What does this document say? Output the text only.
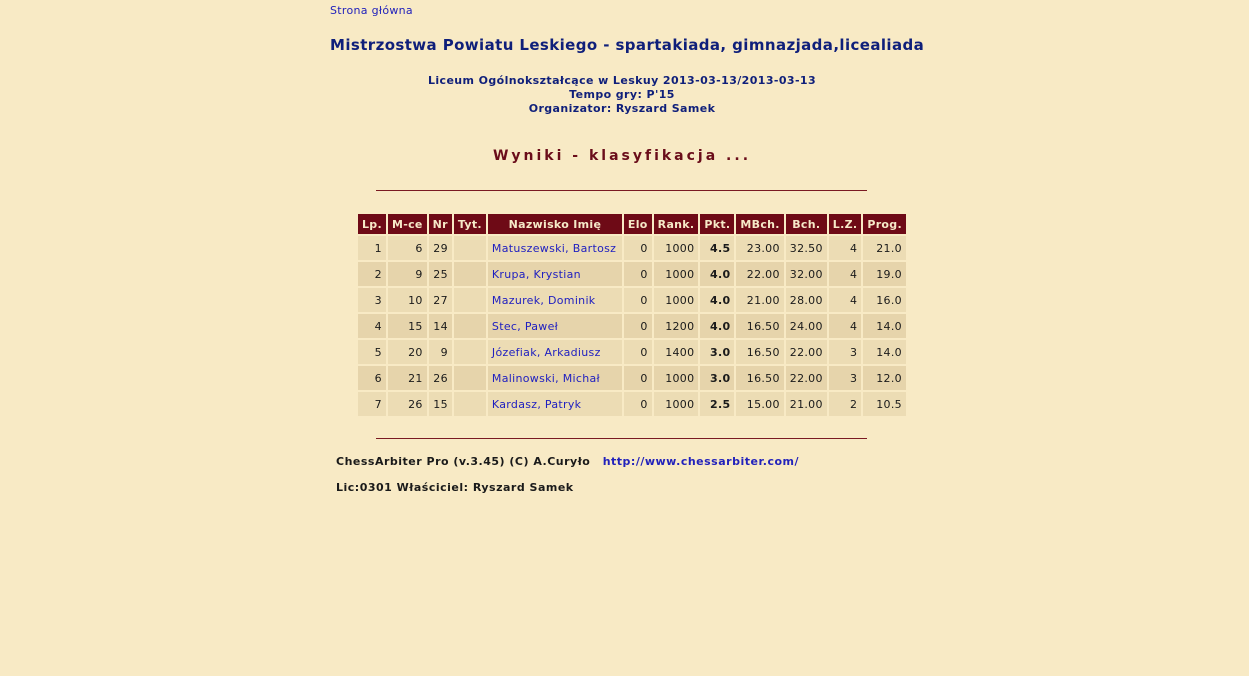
Strona główna
Mistrzostwa Powiatu Leskiego - spartakiada, gimnazjada,licealiada
Liceum Ogólnokształcące w Leskuy 2013-03-13/2013-03-13
Tempo gry: P'15
Organizator: Ryszard Samek
Wyniki - klasyfikacja ...
Lp.	M-ce	Nr	Tyt.	Nazwisko Imię	Elo	Rank.	Pkt.	MBch.	Bch.	L.Z.	Prog.
1	6	29		Matuszewski, Bartosz	0	1000	4.5	23.00	32.50	4	21.0
2	9	25		Krupa, Krystian	0	1000	4.0	22.00	32.00	4	19.0
3	10	27		Mazurek, Dominik	0	1000	4.0	21.00	28.00	4	16.0
4	15	14		Stec, Paweł	0	1200	4.0	16.50	24.00	4	14.0
5	20	9		Józefiak, Arkadiusz	0	1400	3.0	16.50	22.00	3	14.0
6	21	26		Malinowski, Michał	0	1000	3.0	16.50	22.00	3	12.0
7	26	15		Kardasz, Patryk	0	1000	2.5	15.00	21.00	2	10.5
ChessArbiter Pro (v.3.45) (C) A.Curyło http://www.chessarbiter.com/
Lic:0301 Właściciel: Ryszard Samek
